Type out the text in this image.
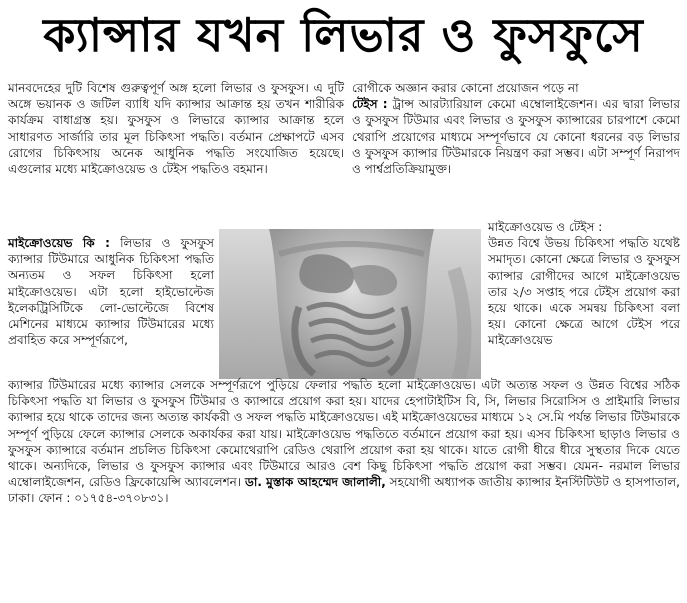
ক্যান্সার যখন লিভার ও ফুসফুসে

মানবদেহের দুটি বিশেষ গুরুত্বপূর্ণ অঙ্গ হলো লিভার ও ফুসফুস। এ দুটি অঙ্গে ভয়ানক ও জটিল ব্যাধি যদি ক্যান্সার আক্রান্ত হয় তখন শারীরিক কার্যক্রম বাধাগ্রস্ত হয়। ফুসফুস ও লিভারে ক্যান্সার আক্রান্ত হলে সাধারণত সার্জারি তার মূল চিকিৎসা পদ্ধতি। বর্তমান প্রেক্ষাপটে এসব রোগের চিকিৎসায় অনেক আধুনিক পদ্ধতি সংযোজিত হয়েছে। এগুলোর মধ্যে মাইক্রোওয়েভ ও টেইস পদ্ধতিও বহমান।

মাইক্রোওয়েভ কি : লিভার ও ফুসফুস ক্যান্সার টিউমারে আধুনিক চিকিৎসা পদ্ধতি অন্যতম ও সফল চিকিৎসা হলো মাইক্রোওয়েভ। এটা হলো হাইভোল্টেজ ইলেকট্রিসিটিকে লো-ভোল্টেজে বিশেষ মেশিনের মাধ্যমে ক্যান্সার টিউমারের মধ্যে প্রবাহিত করে সম্পূর্ণরূপে,

রোগীকে অজ্ঞান করার কোনো প্রয়োজন পড়ে না

টেইস : ট্রান্স আরট্যারিয়াল কেমো এম্বোলাইজেশন। এর দ্বারা লিভার ও ফুসফুস টিউমার এবং লিভার ও ফুসফুস ক্যান্সারের চারপাশে কেমো থেরাপি প্রয়োগের মাধ্যমে সম্পূর্ণভাবে যে কোনো ধরনের বড় লিভার ও ফুসফুস ক্যান্সার টিউমারকে নিয়ন্ত্রণ করা সম্ভব। এটা সম্পূর্ণ নিরাপদ ও পার্শ্বপ্রতিক্রিয়ামুক্ত।

মাইক্রোওয়েভ ও টেইস :

উন্নত বিশ্বে উভয় চিকিৎসা পদ্ধতি যথেষ্ট সমাদৃত। কোনো ক্ষেত্রে লিভার ও ফুসফুস ক্যান্সার রোগীদের আগে মাইক্রোওয়েভ তার ২/৩ সপ্তাহ পরে টেইস প্রয়োগ করা হয়ে থাকে। একে সমন্বয় চিকিৎসা বলা হয়। কোনো ক্ষেত্রে আগে টেইস পরে মাইক্রোওয়েভ

ক্যান্সার টিউমারের মধ্যে ক্যান্সার সেলকে সম্পূর্ণরূপে পুড়িয়ে ফেলার পদ্ধতি হলো মাইক্রোওয়েভ। এটা অত্যন্ত সফল ও উন্নত বিশ্বের সঠিক চিকিৎসা পদ্ধতি যা লিভার ও ফুসফুস টিউমার ও ক্যান্সারে প্রয়োগ করা হয়। যাদের হেপাটাইটিস বি, সি, লিভার সিরোসিস ও প্রাইমারি লিভার ক্যান্সার হয়ে থাকে তাদের জন্য অত্যন্ত কার্যকরী ও সফল পদ্ধতি মাইক্রোওয়েভ। এই মাইক্রোওয়েভের মাধ্যমে ১২ সে.মি পর্যন্ত লিভার টিউমারকে সম্পূর্ণ পুড়িয়ে ফেলে ক্যান্সার সেলকে অকার্যকর করা যায়। মাইক্রোওয়েভ পদ্ধতিতে বর্তমানে প্রয়োগ করা হয়। এসব চিকিৎসা ছাড়াও লিভার ও ফুসফুস ক্যান্সারে বর্তমান প্রচলিত চিকিৎসা কেমোথেরাপি রেডিও থেরাপি প্রয়োগ করা হয় থাকে। যাতে রোগী ধীরে ধীরে সুস্থতার দিকে যেতে থাকে। অন্যদিকে, লিভার ও ফুসফুস ক্যান্সার এবং টিউমারে আরও বেশ কিছু চিকিৎসা পদ্ধতি প্রয়োগ করা সম্ভব। যেমন- নরমাল লিভার এম্বোলাইজেশন, রেডিও ফ্রিকোয়েন্সি অ্যাবলেশন। ডা. মুস্তাক আহম্মেদ জালালী, সহযোগী অধ্যাপক জাতীয় ক্যান্সার ইনস্টিটিউট ও হাসপাতাল, ঢাকা। ফোন : ০১৭৫৪-৩৭০৮৩১।
